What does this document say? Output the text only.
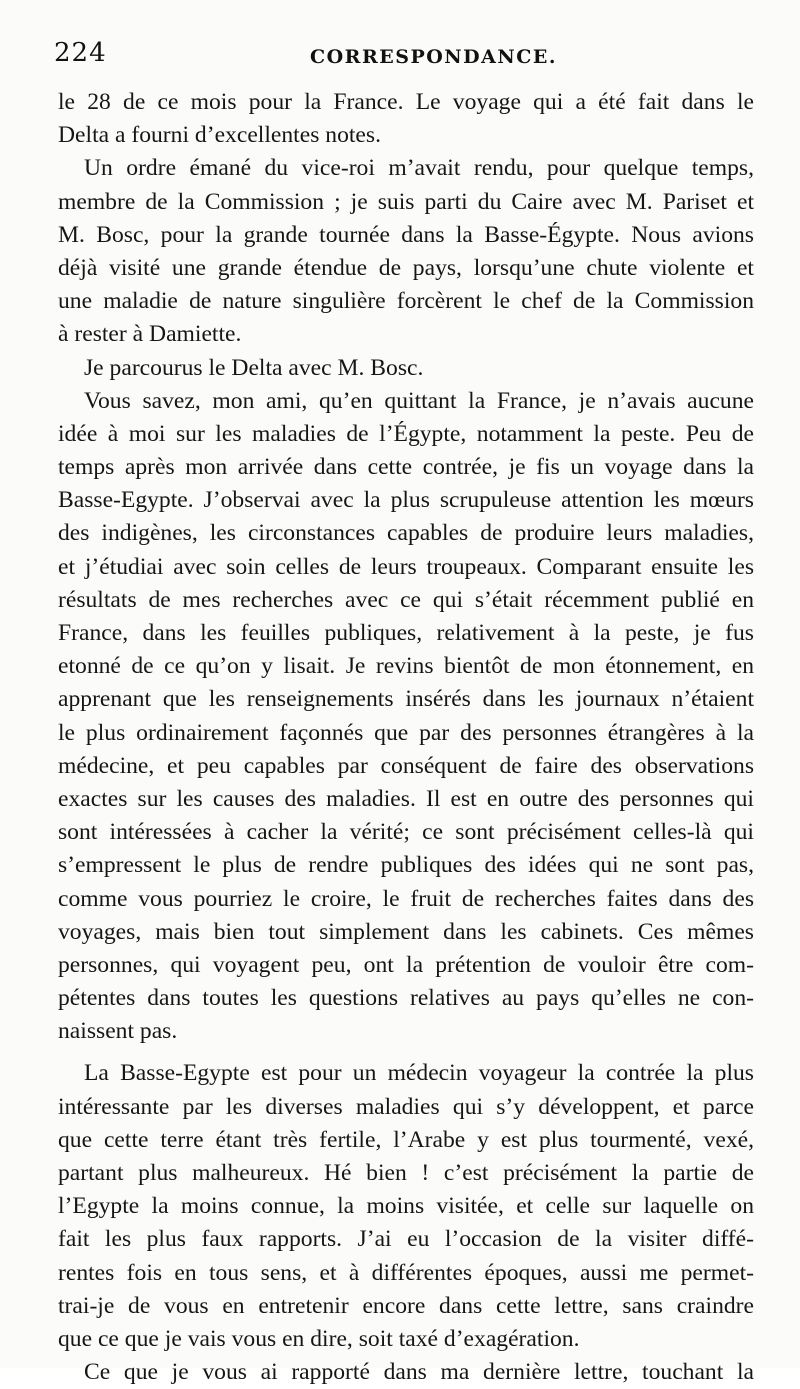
224	CORRESPONDANCE.
le 28 de ce mois pour la France. Le voyage qui a été fait dans le
Delta a fourni d’excellentes notes.
Un ordre émané du vice-roi m’avait rendu, pour quelque temps,
membre de la Commission ; je suis parti du Caire avec M. Pariset et
M. Bosc, pour la grande tournée dans la Basse-Égypte. Nous avions
déjà visité une grande étendue de pays, lorsqu’une chute violente et
une maladie de nature singulière forcèrent le chef de la Commission
à rester à Damiette.
Je parcourus le Delta avec M. Bosc.
Vous savez, mon ami, qu’en quittant la France, je n’avais aucune
idée à moi sur les maladies de l’Égypte, notamment la peste. Peu de
temps après mon arrivée dans cette contrée, je fis un voyage dans la
Basse-Egypte. J’observai avec la plus scrupuleuse attention les mœurs
des indigènes, les circonstances capables de produire leurs maladies,
et j’étudiai avec soin celles de leurs troupeaux. Comparant ensuite les
résultats de mes recherches avec ce qui s’était récemment publié en
France, dans les feuilles publiques, relativement à la peste, je fus
etonné de ce qu’on y lisait. Je revins bientôt de mon étonnement, en
apprenant que les renseignements insérés dans les journaux n’étaient
le plus ordinairement façonnés que par des personnes étrangères à la
médecine, et peu capables par conséquent de faire des observations
exactes sur les causes des maladies. Il est en outre des personnes qui
sont intéressées à cacher la vérité; ce sont précisément celles-là qui
s’empressent le plus de rendre publiques des idées qui ne sont pas,
comme vous pourriez le croire, le fruit de recherches faites dans des
voyages, mais bien tout simplement dans les cabinets. Ces mêmes
personnes, qui voyagent peu, ont la prétention de vouloir être com-
pétentes dans toutes les questions relatives au pays qu’elles ne con-
naissent pas.
La Basse-Egypte est pour un médecin voyageur la contrée la plus
intéressante par les diverses maladies qui s’y développent, et parce
que cette terre étant très fertile, l’Arabe y est plus tourmenté, vexé,
partant plus malheureux. Hé bien ! c’est précisément la partie de
l’Egypte la moins connue, la moins visitée, et celle sur laquelle on
fait les plus faux rapports. J’ai eu l’occasion de la visiter diffé-
rentes fois en tous sens, et à différentes époques, aussi me permet-
trai-je de vous en entretenir encore dans cette lettre, sans craindre
que ce que je vais vous en dire, soit taxé d’exagération.
Ce que je vous ai rapporté dans ma dernière lettre, touchant la
